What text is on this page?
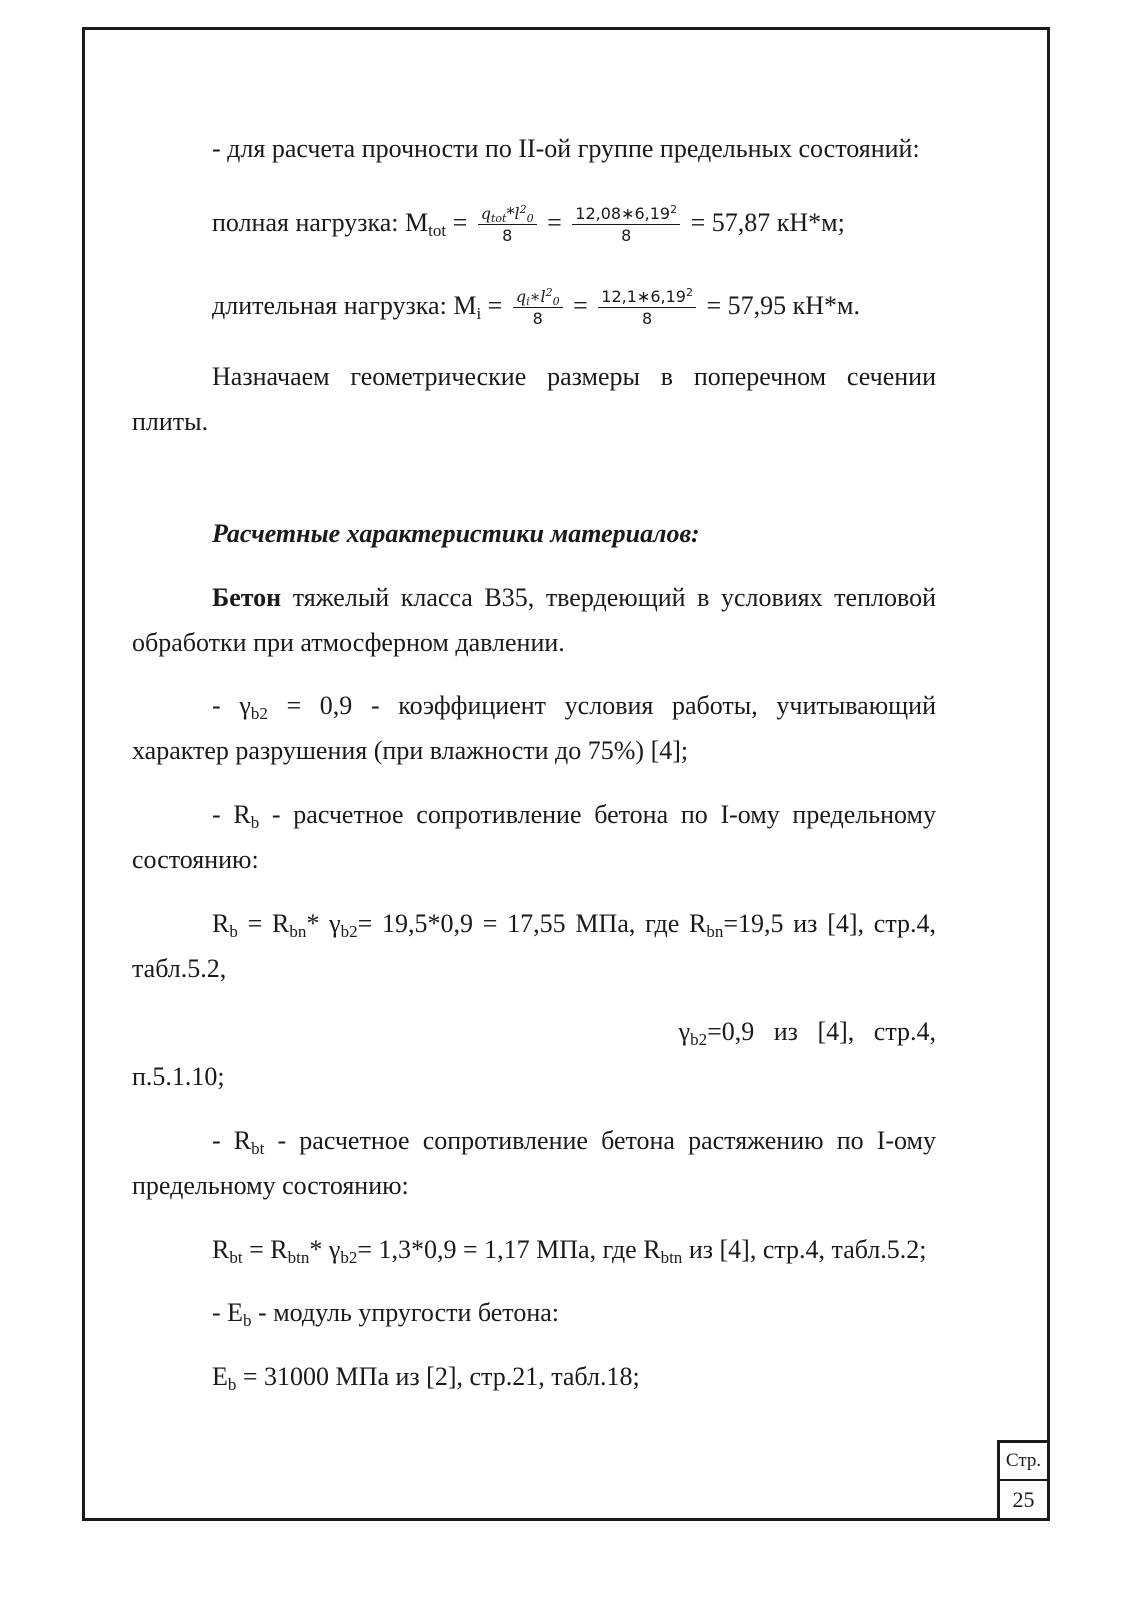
- для расчета прочности по II-ой группе предельных состояний:
полная нагрузка: $M_{tot} = \frac{q_{tot}*l^2_0}{8} = \frac{12,08∗6,19^2}{8} = 57,87$ кН*м;
длительная нагрузка: $M_i = \frac{q_i∗l^2_0}{8} = \frac{12,1∗6,19^2}{8} = 57,95$ кН*м.
Назначаем геометрические размеры в поперечном сечении
плиты.
Расчетные характеристики материалов:
Бетон тяжелый класса В35, твердеющий в условиях тепловой
обработки при атмосферном давлении.
- $\gamma_{b2} = 0,9$ - коэффициент условия работы, учитывающий
характер разрушения (при влажности до 75%) [4];
- $R_b$ - расчетное сопротивление бетона по I-ому предельному
состоянию:
$R_b = R_{bn}*$ $\gamma_{b2}= 19,5*0,9 = 17,55$ МПа, где $R_{bn}=19,5$ из [4], стр.4,
табл.5.2,
$\gamma_{b2}=0,9$   из   [4],   стр.4,
п.5.1.10;
- $R_{bt}$ - расчетное сопротивление бетона растяжению по I-ому
предельному состоянию:
$R_{bt} = R_{btn}*$ $\gamma_{b2}= 1,3*0,9 = 1,17$ МПа, где $R_{btn}$ из [4], стр.4, табл.5.2;
- $E_b$ - модуль упругости бетона:
$E_b = 31000$ МПа из [2], стр.21, табл.18;
Стр.
25
